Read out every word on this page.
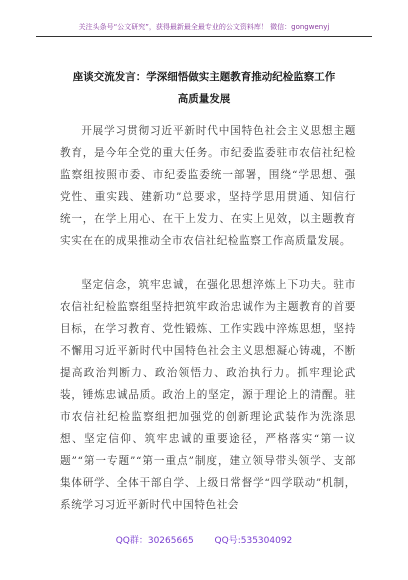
关注头条号“公文研究”，获得最新最全最专业的公文资料库！ 微信：gongwenyj
座谈交流发言：学深细悟做实主题教育推动纪检监察工作
高质量发展

开展学习贯彻习近平新时代中国特色社会主义思想主题教育，是今年全党的重大任务。市纪委监委驻市农信社纪检监察组按照市委、市纪委监委统一部署，围绕“学思想、强党性、重实践、建新功”总要求，坚持学思用贯通、知信行统一，在学上用心、在干上发力、在实上见效，以主题教育实实在在的成果推动全市农信社纪检监察工作高质量发展。

坚定信念，筑牢忠诚，在强化思想淬炼上下功夫。驻市农信社纪检监察组坚持把筑牢政治忠诚作为主题教育的首要目标，在学习教育、党性锻炼、工作实践中淬炼思想，坚持不懈用习近平新时代中国特色社会主义思想凝心铸魂，不断提高政治判断力、政治领悟力、政治执行力。抓牢理论武装，锤炼忠诚品质。政治上的坚定，源于理论上的清醒。驻市农信社纪检监察组把加强党的创新理论武装作为洗涤思想、坚定信仰、筑牢忠诚的重要途径，严格落实“第一议题”“第一专题”“第一重点”制度，建立领导带头领学、支部集体研学、全体干部自学、上级日常督学“四学联动”机制，系统学习习近平新时代中国特色社会

QQ群：30265665 QQ号:535304092
